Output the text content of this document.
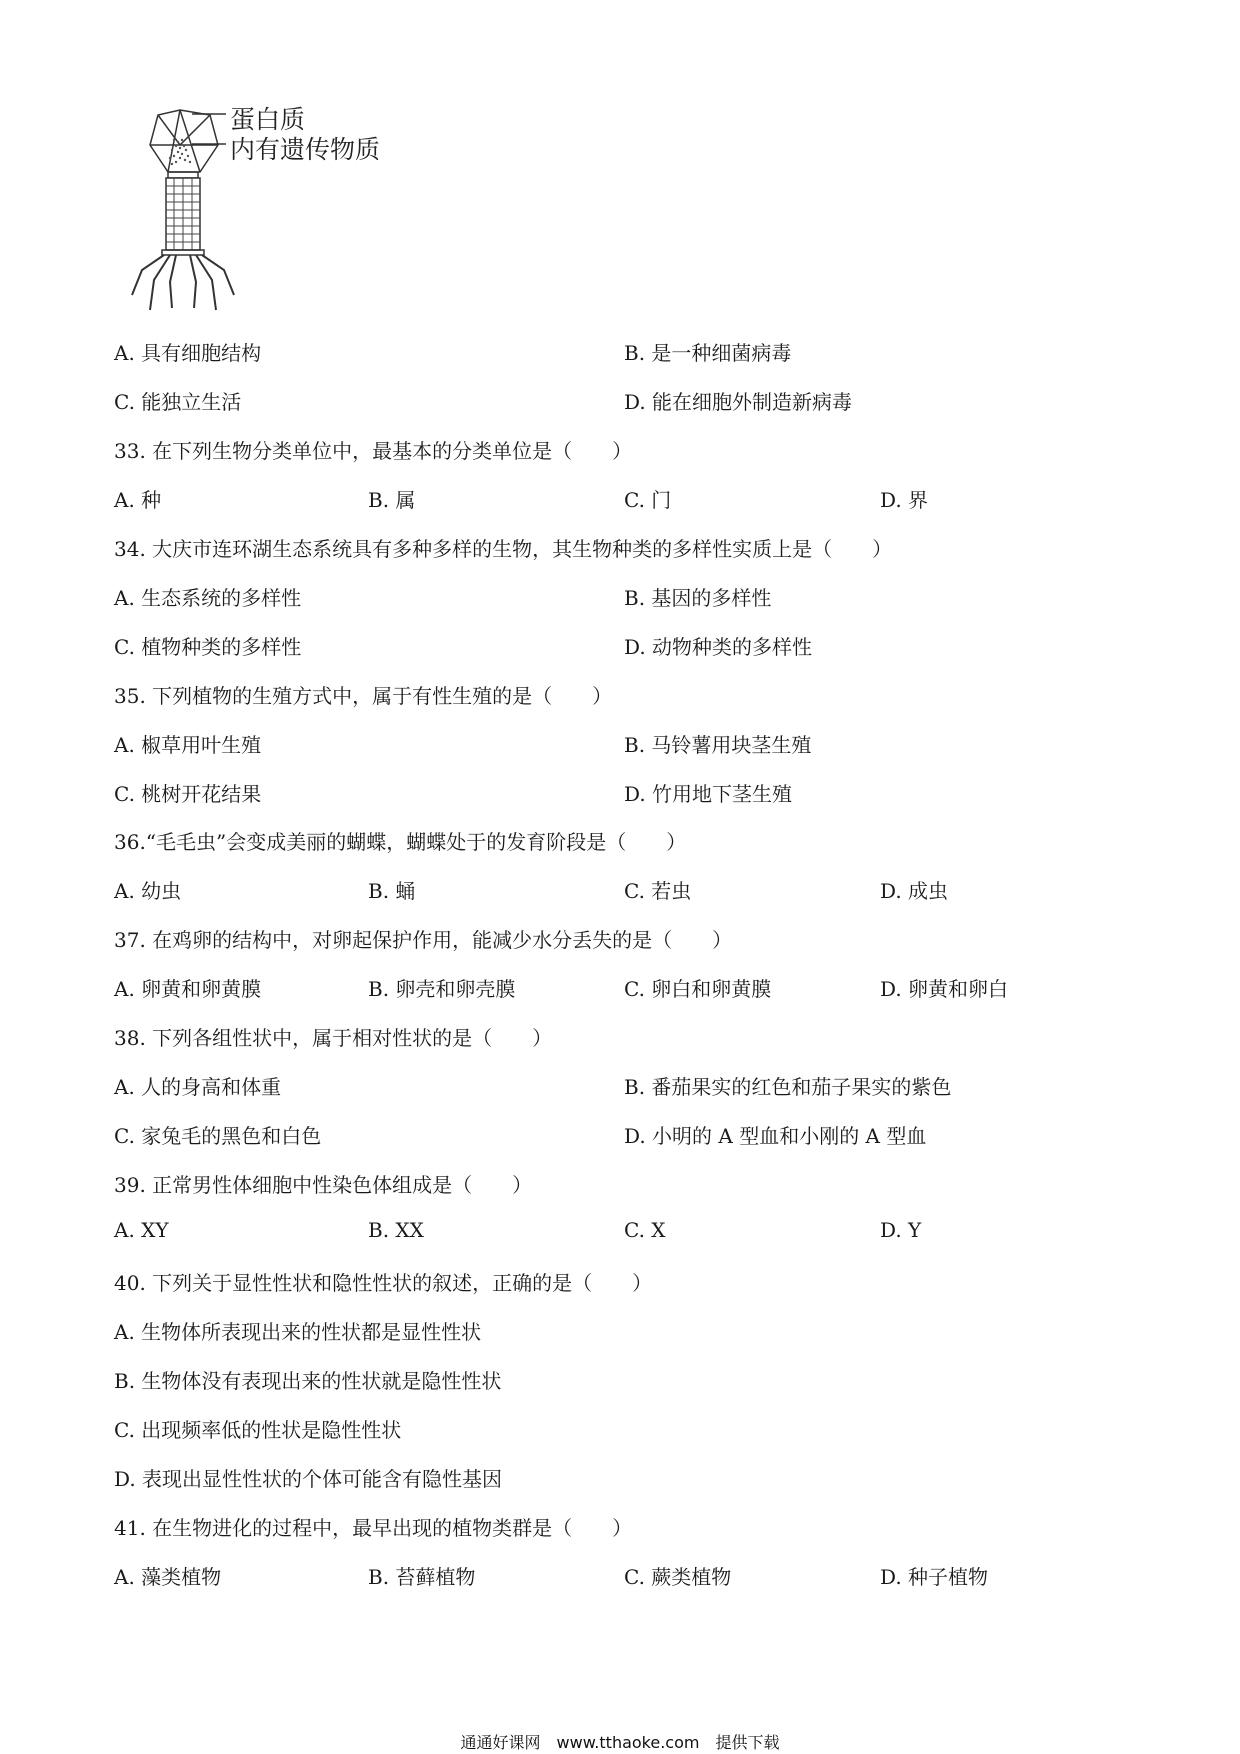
蛋白质
内有遗传物质
A. 具有细胞结构	B. 是一种细菌病毒
C. 能独立生活	D. 能在细胞外制造新病毒
33. 在下列生物分类单位中，最基本的分类单位是（　　）
A. 种	B. 属	C. 门	D. 界
34. 大庆市连环湖生态系统具有多种多样的生物，其生物种类的多样性实质上是（　　）
A. 生态系统的多样性	B. 基因的多样性
C. 植物种类的多样性	D. 动物种类的多样性
35. 下列植物的生殖方式中，属于有性生殖的是（　　）
A. 椒草用叶生殖	B. 马铃薯用块茎生殖
C. 桃树开花结果	D. 竹用地下茎生殖
36.“毛毛虫”会变成美丽的蝴蝶，蝴蝶处于的发育阶段是（　　）
A. 幼虫	B. 蛹	C. 若虫	D. 成虫
37. 在鸡卵的结构中，对卵起保护作用，能减少水分丢失的是（　　）
A. 卵黄和卵黄膜	B. 卵壳和卵壳膜	C. 卵白和卵黄膜	D. 卵黄和卵白
38. 下列各组性状中，属于相对性状的是（　　）
A. 人的身高和体重	B. 番茄果实的红色和茄子果实的紫色
C. 家兔毛的黑色和白色	D. 小明的 A 型血和小刚的 A 型血
39. 正常男性体细胞中性染色体组成是（　　）
A. XY	B. XX	C. X	D. Y
40. 下列关于显性性状和隐性性状的叙述，正确的是（　　）
A. 生物体所表现出来的性状都是显性性状
B. 生物体没有表现出来的性状就是隐性性状
C. 出现频率低的性状是隐性性状
D. 表现出显性性状的个体可能含有隐性基因
41. 在生物进化的过程中，最早出现的植物类群是（　　）
A. 藻类植物	B. 苔藓植物	C. 蕨类植物	D. 种子植物
通通好课网　www.tthaoke.com　提供下载
